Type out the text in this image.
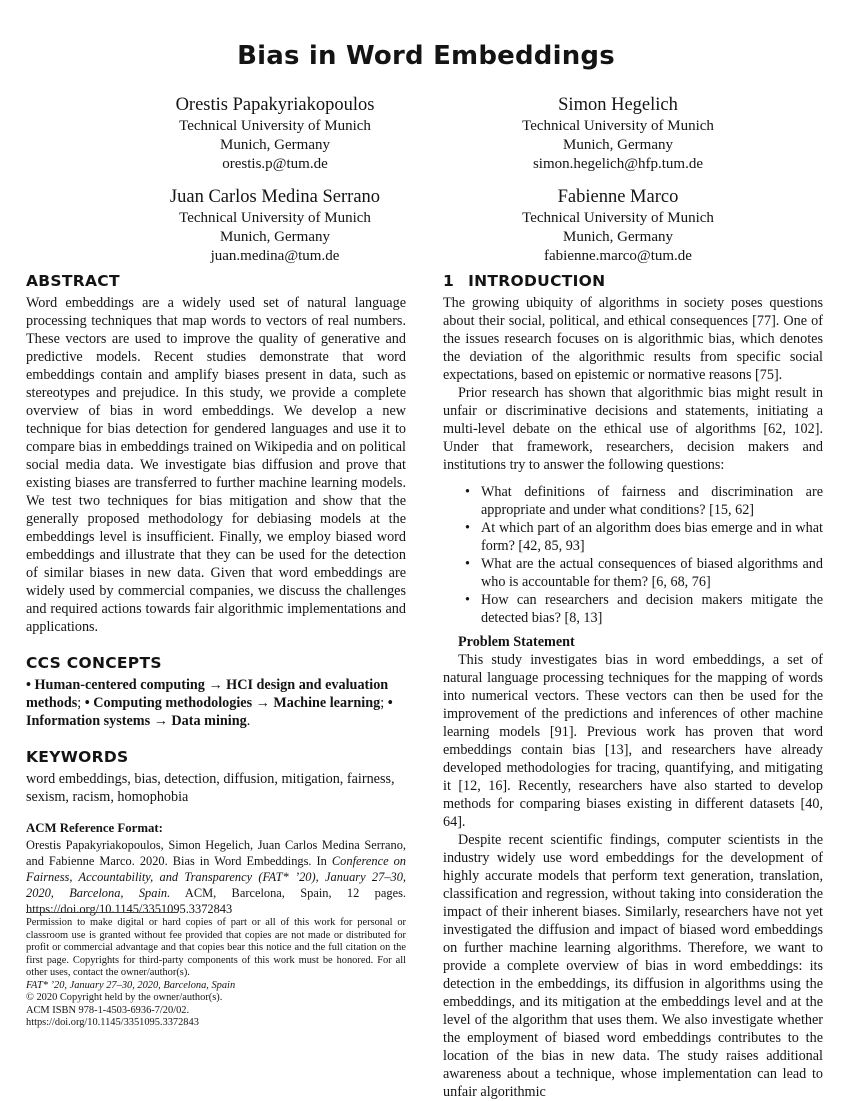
Bias in Word Embeddings
Orestis Papakyriakopoulos
Technical University of Munich
Munich, Germany
orestis.p@tum.de
Simon Hegelich
Technical University of Munich
Munich, Germany
simon.hegelich@hfp.tum.de
Juan Carlos Medina Serrano
Technical University of Munich
Munich, Germany
juan.medina@tum.de
Fabienne Marco
Technical University of Munich
Munich, Germany
fabienne.marco@tum.de
ABSTRACT

Word embeddings are a widely used set of natural language processing techniques that map words to vectors of real numbers. These vectors are used to improve the quality of generative and predictive models. Recent studies demonstrate that word embeddings contain and amplify biases present in data, such as stereotypes and prejudice. In this study, we provide a complete overview of bias in word embeddings. We develop a new technique for bias detection for gendered languages and use it to compare bias in embeddings trained on Wikipedia and on political social media data. We investigate bias diffusion and prove that existing biases are transferred to further machine learning models. We test two techniques for bias mitigation and show that the generally proposed methodology for debiasing models at the embeddings level is insufficient. Finally, we employ biased word embeddings and illustrate that they can be used for the detection of similar biases in new data. Given that word embeddings are widely used by commercial companies, we discuss the challenges and required actions towards fair algorithmic implementations and applications.

CCS CONCEPTS

• Human-centered computing → HCI design and evaluation methods; • Computing methodologies → Machine learning; • Information systems → Data mining.

KEYWORDS

word embeddings, bias, detection, diffusion, mitigation, fairness, sexism, racism, homophobia

ACM Reference Format:

Orestis Papakyriakopoulos, Simon Hegelich, Juan Carlos Medina Serrano, and Fabienne Marco. 2020. Bias in Word Embeddings. In Conference on Fairness, Accountability, and Transparency (FAT* ’20), January 27–30, 2020, Barcelona, Spain. ACM, Barcelona, Spain, 12 pages. https://doi.org/10.1145/3351095.3372843

Permission to make digital or hard copies of part or all of this work for personal or classroom use is granted without fee provided that copies are not made or distributed for profit or commercial advantage and that copies bear this notice and the full citation on the first page. Copyrights for third-party components of this work must be honored. For all other uses, contact the owner/author(s).

FAT* ’20, January 27–30, 2020, Barcelona, Spain

© 2020 Copyright held by the owner/author(s).

ACM ISBN 978-1-4503-6936-7/20/02.

https://doi.org/10.1145/3351095.3372843

1 INTRODUCTION

The growing ubiquity of algorithms in society poses questions about their social, political, and ethical consequences [77]. One of the issues research focuses on is algorithmic bias, which denotes the deviation of the algorithmic results from specific social expectations, based on epistemic or normative reasons [75].

Prior research has shown that algorithmic bias might result in unfair or discriminative decisions and statements, initiating a multi-level debate on the ethical use of algorithms [62, 102]. Under that framework, researchers, decision makers and institutions try to answer the following questions:

• What definitions of fairness and discrimination are appropriate and under what conditions? [15, 62]
• At which part of an algorithm does bias emerge and in what form? [42, 85, 93]
• What are the actual consequences of biased algorithms and who is accountable for them? [6, 68, 76]
• How can researchers and decision makers mitigate the detected bias? [8, 13]
Problem Statement

This study investigates bias in word embeddings, a set of natural language processing techniques for the mapping of words into numerical vectors. These vectors can then be used for the improvement of the predictions and inferences of other machine learning models [91]. Previous work has proven that word embeddings contain bias [13], and researchers have already developed methodologies for tracing, quantifying, and mitigating it [12, 16]. Recently, researchers have also started to develop methods for comparing biases existing in different datasets [40, 64].

Despite recent scientific findings, computer scientists in the industry widely use word embeddings for the development of highly accurate models that perform text generation, translation, classification and regression, without taking into consideration the impact of their inherent biases. Similarly, researchers have not yet investigated the diffusion and impact of biased word embeddings on further machine learning algorithms. Therefore, we want to provide a complete overview of bias in word embeddings: its detection in the embeddings, its diffusion in algorithms using the embeddings, and its mitigation at the embeddings level and at the level of the algorithm that uses them. We also investigate whether the employment of biased word embeddings contributes to the location of the bias in new data. The study raises additional awareness about a technique, whose implementation can lead to unfair algorithmic
